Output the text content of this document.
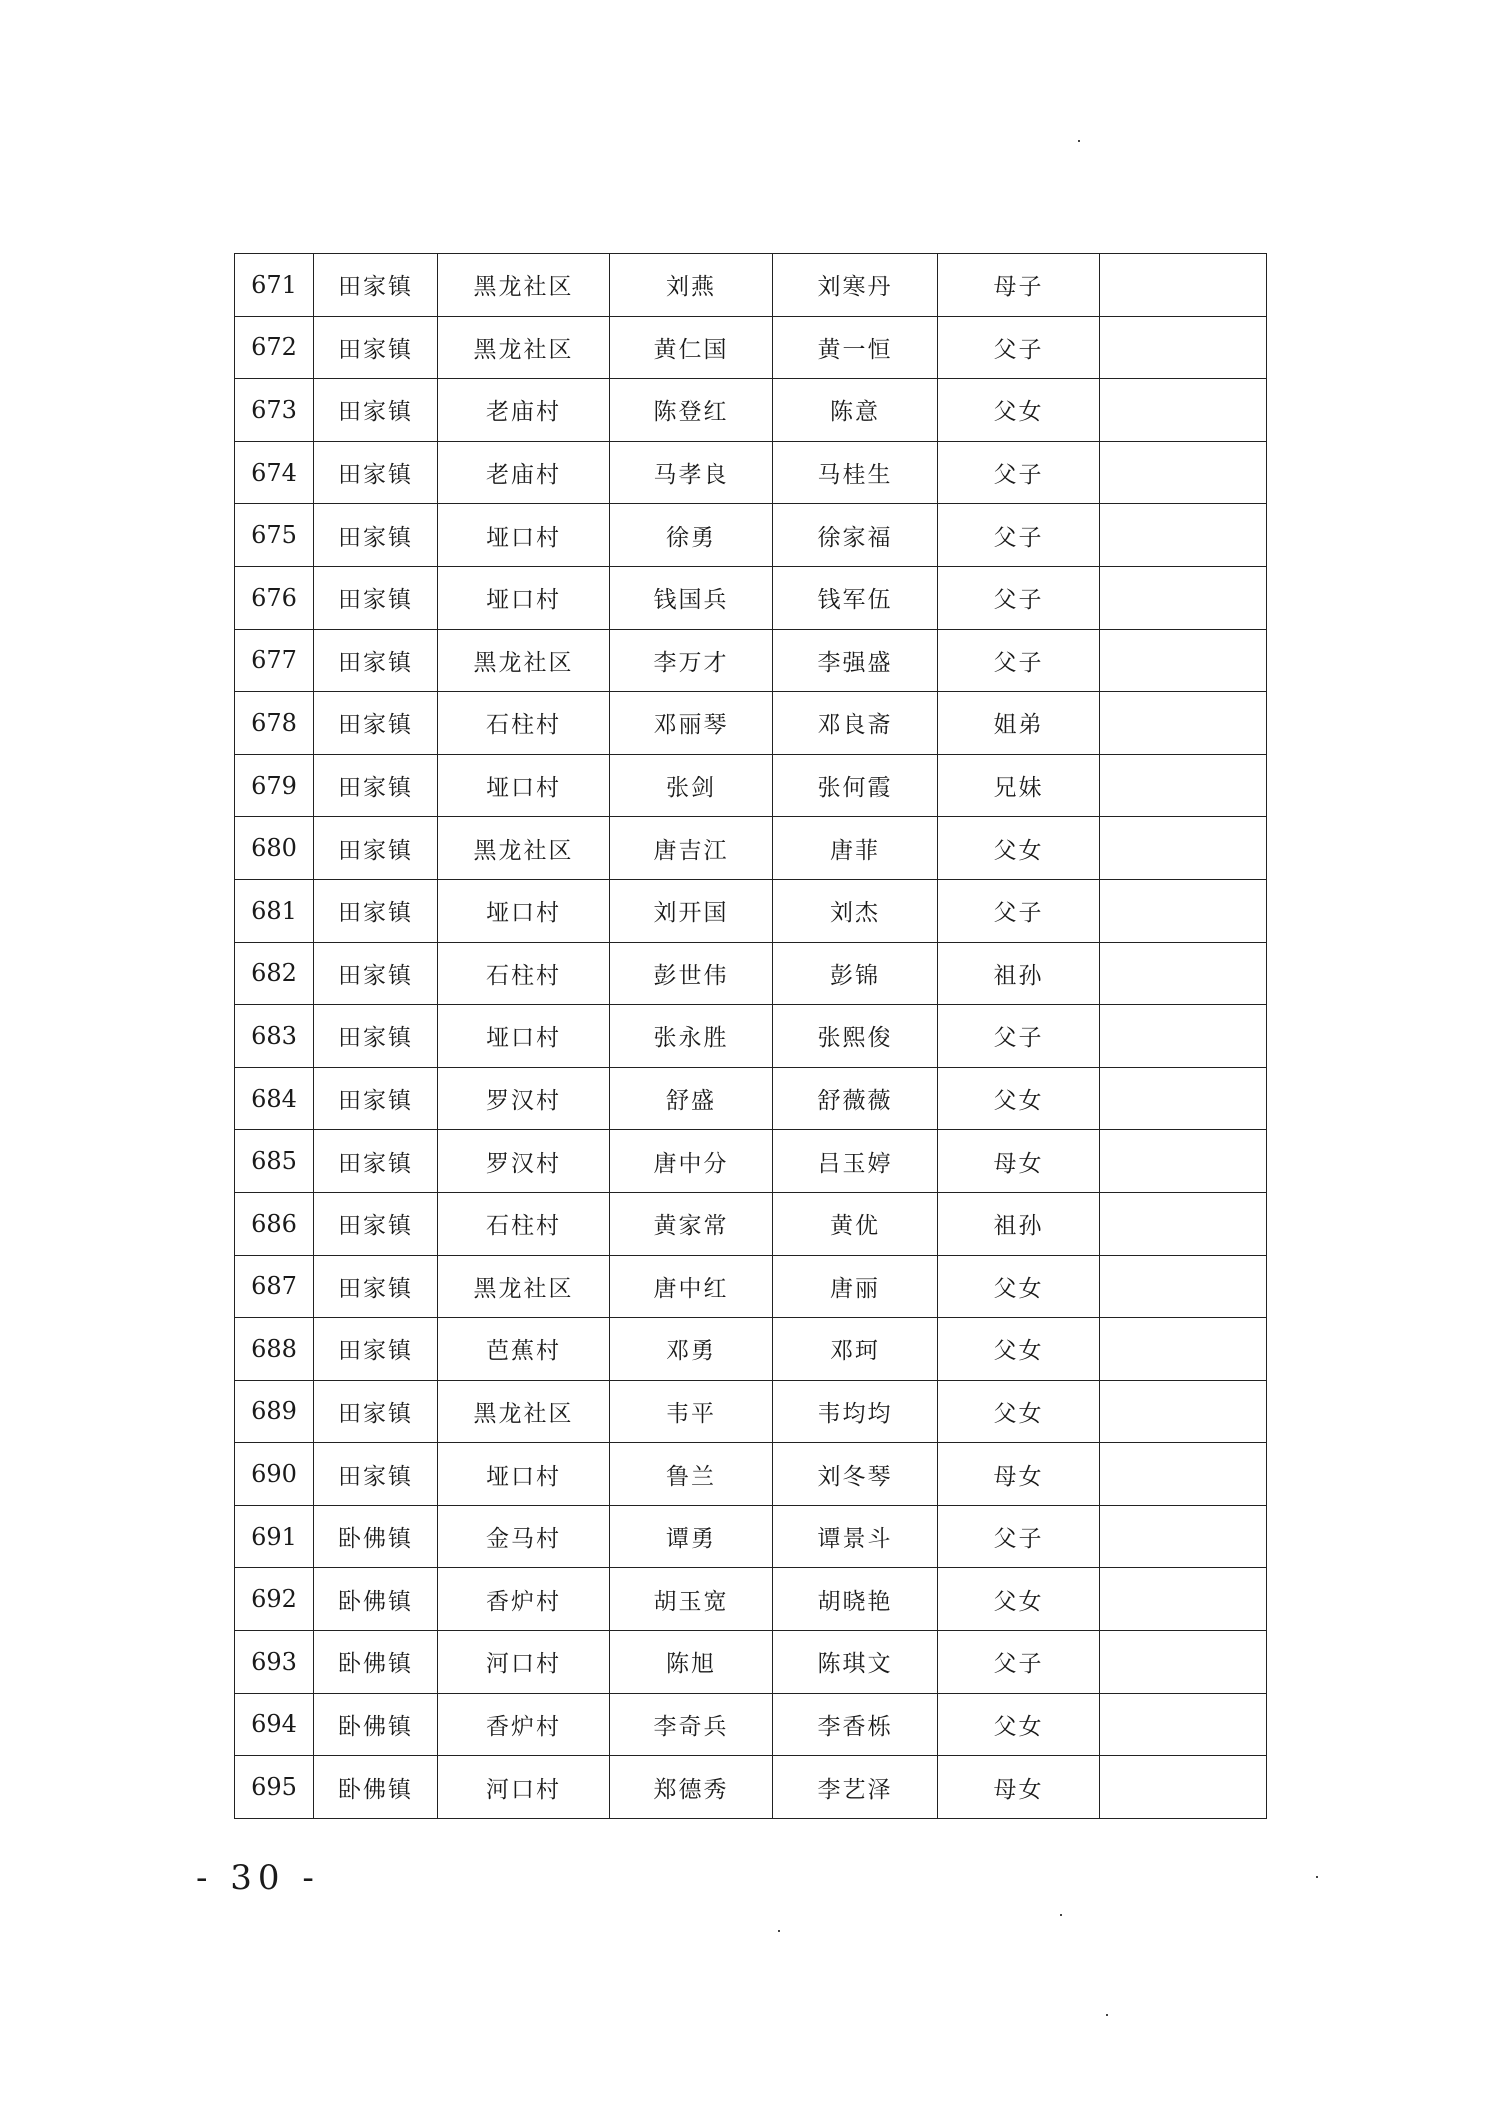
671	田家镇	黑龙社区	刘燕	刘寒丹	母子	
672	田家镇	黑龙社区	黄仁国	黄一恒	父子	
673	田家镇	老庙村	陈登红	陈意	父女	
674	田家镇	老庙村	马孝良	马桂生	父子	
675	田家镇	垭口村	徐勇	徐家福	父子	
676	田家镇	垭口村	钱国兵	钱军伍	父子	
677	田家镇	黑龙社区	李万才	李强盛	父子	
678	田家镇	石柱村	邓丽琴	邓良斋	姐弟	
679	田家镇	垭口村	张剑	张何霞	兄妹	
680	田家镇	黑龙社区	唐吉江	唐菲	父女	
681	田家镇	垭口村	刘开国	刘杰	父子	
682	田家镇	石柱村	彭世伟	彭锦	祖孙	
683	田家镇	垭口村	张永胜	张熙俊	父子	
684	田家镇	罗汉村	舒盛	舒薇薇	父女	
685	田家镇	罗汉村	唐中分	吕玉婷	母女	
686	田家镇	石柱村	黄家常	黄优	祖孙	
687	田家镇	黑龙社区	唐中红	唐丽	父女	
688	田家镇	芭蕉村	邓勇	邓珂	父女	
689	田家镇	黑龙社区	韦平	韦均均	父女	
690	田家镇	垭口村	鲁兰	刘冬琴	母女	
691	卧佛镇	金马村	谭勇	谭景斗	父子	
692	卧佛镇	香炉村	胡玉宽	胡晓艳	父女	
693	卧佛镇	河口村	陈旭	陈琪文	父子	
694	卧佛镇	香炉村	李奇兵	李香栎	父女	
695	卧佛镇	河口村	郑德秀	李艺泽	母女	
- 30 -
